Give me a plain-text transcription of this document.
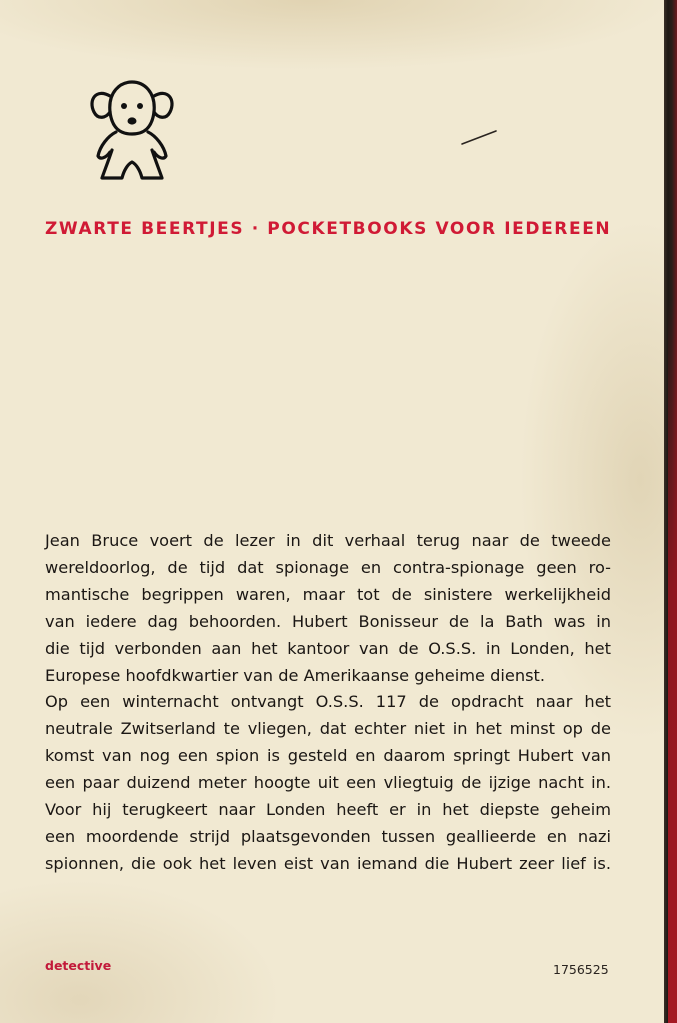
ZWARTE BEERTJES · POCKETBOOKS VOOR IEDEREEN
Jean Bruce voert de lezer in dit verhaal terug naar de tweede
wereldoorlog, de tijd dat spionage en contra-spionage geen ro-
mantische begrippen waren, maar tot de sinistere werkelijkheid
van iedere dag behoorden. Hubert Bonisseur de la Bath was in
die tijd verbonden aan het kantoor van de O.S.S. in Londen, het
Europese hoofdkwartier van de Amerikaanse geheime dienst.
Op een winternacht ontvangt O.S.S. 117 de opdracht naar het
neutrale Zwitserland te vliegen, dat echter niet in het minst op de
komst van nog een spion is gesteld en daarom springt Hubert van
een paar duizend meter hoogte uit een vliegtuig de ijzige nacht in.
Voor hij terugkeert naar Londen heeft er in het diepste geheim
een moordende strijd plaatsgevonden tussen geallieerde en nazi
spionnen, die ook het leven eist van iemand die Hubert zeer lief is.
detective	1756525
